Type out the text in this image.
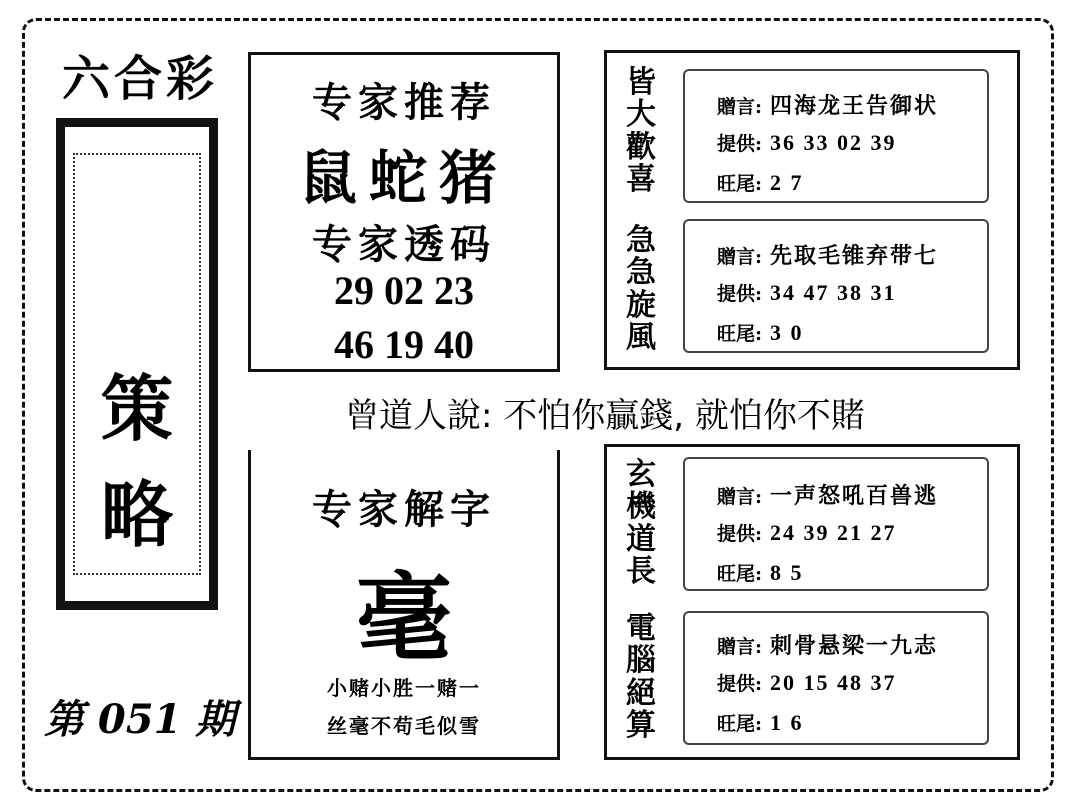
六合彩
策
略
第 051 期
专家推荐
鼠蛇猪
专家透码
29 02 23
46 19 40
曾道人說: 不怕你贏錢, 就怕你不賭
专家解字
毫
小赌小胜一赌一
丝毫不苟毛似雪
皆大歡喜
急急旋風
贈言: 四海龙王告御状
提供: 36 33 02 39
旺尾: 2 7
贈言: 先取毛锥弃带七
提供: 34 47 38 31
旺尾: 3 0
玄機道長
電腦絕算
贈言: 一声怒吼百兽逃
提供: 24 39 21 27
旺尾: 8 5
贈言: 刺骨悬梁一九志
提供: 20 15 48 37
旺尾: 1 6
